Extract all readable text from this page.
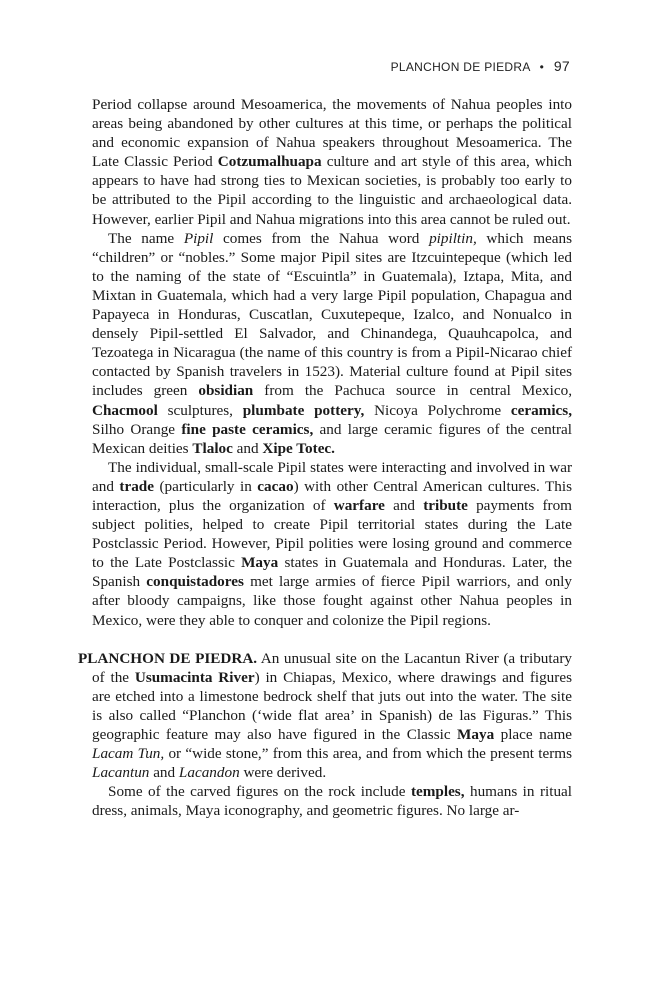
PLANCHON DE PIEDRA • 97

Period collapse around Mesoamerica, the movements of Nahua peoples into areas being abandoned by other cultures at this time, or perhaps the political and economic expansion of Nahua speakers throughout Mesoamerica. The Late Classic Period Cotzumalhuapa culture and art style of this area, which appears to have had strong ties to Mexican societies, is probably too early to be attributed to the Pipil according to the linguistic and archaeological data. However, earlier Pipil and Nahua migrations into this area cannot be ruled out.

The name Pipil comes from the Nahua word pipiltin, which means “children” or “nobles.” Some major Pipil sites are Itzcuintepeque (which led to the naming of the state of “Escuintla” in Guatemala), Iztapa, Mita, and Mixtan in Guatemala, which had a very large Pipil population, Chapagua and Papayeca in Honduras, Cuscatlan, Cuxutepeque, Izalco, and Nonualco in densely Pipil-settled El Salvador, and Chinandega, Quauhcapolca, and Tezoatega in Nicaragua (the name of this country is from a Pipil-Nicarao chief contacted by Spanish travelers in 1523). Material culture found at Pipil sites includes green obsidian from the Pachuca source in central Mexico, Chacmool sculptures, plumbate pottery, Nicoya Polychrome ceramics, Silho Orange fine paste ceramics, and large ceramic figures of the central Mexican deities Tlaloc and Xipe Totec.

The individual, small-scale Pipil states were interacting and involved in war and trade (particularly in cacao) with other Central American cultures. This interaction, plus the organization of warfare and tribute payments from subject polities, helped to create Pipil territorial states during the Late Postclassic Period. However, Pipil polities were losing ground and commerce to the Late Postclassic Maya states in Guatemala and Honduras. Later, the Spanish conquistadores met large armies of fierce Pipil warriors, and only after bloody campaigns, like those fought against other Nahua peoples in Mexico, were they able to conquer and colonize the Pipil regions.

PLANCHON DE PIEDRA. An unusual site on the Lacantun River (a tributary of the Usumacinta River) in Chiapas, Mexico, where drawings and figures are etched into a limestone bedrock shelf that juts out into the water. The site is also called “Planchon (‘wide flat area’ in Spanish) de las Figuras.” This geographic feature may also have figured in the Classic Maya place name Lacam Tun, or “wide stone,” from this area, and from which the present terms Lacantun and Lacandon were derived.

Some of the carved figures on the rock include temples, humans in ritual dress, animals, Maya iconography, and geometric figures. No large ar-
